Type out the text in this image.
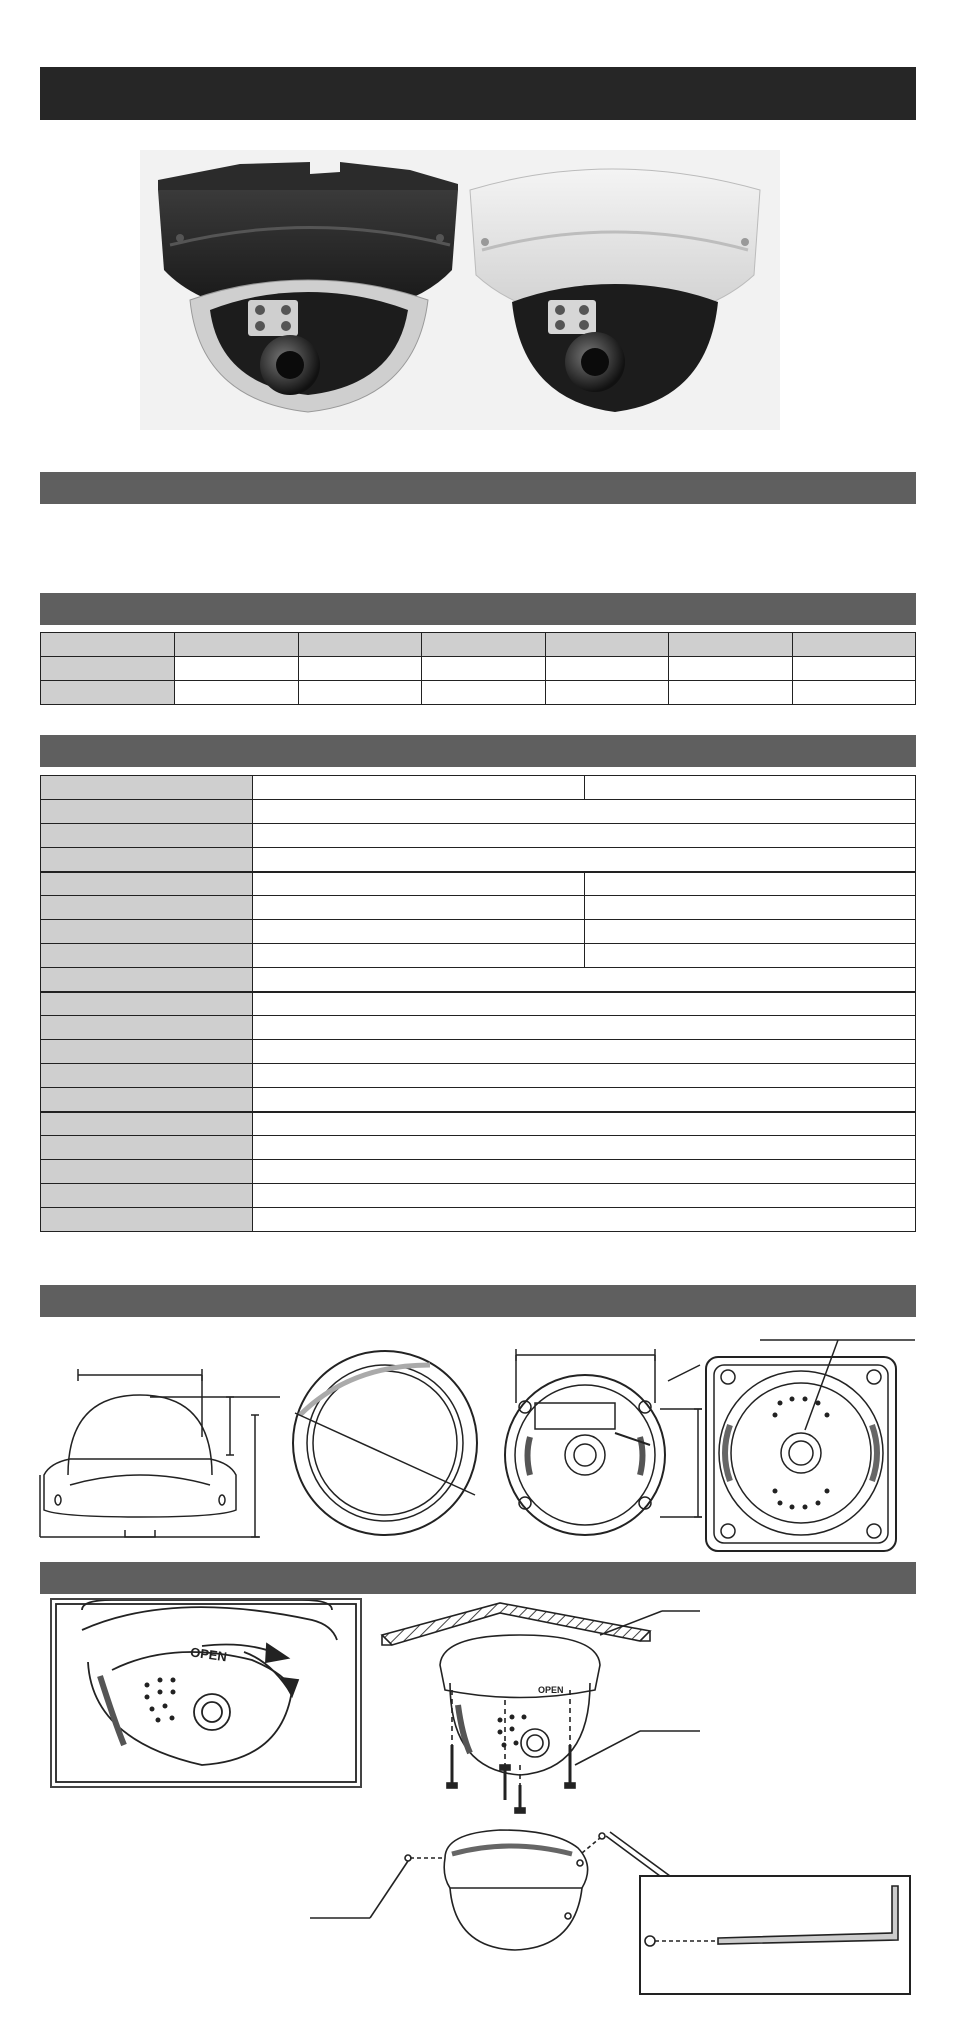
OPEN
OPEN
